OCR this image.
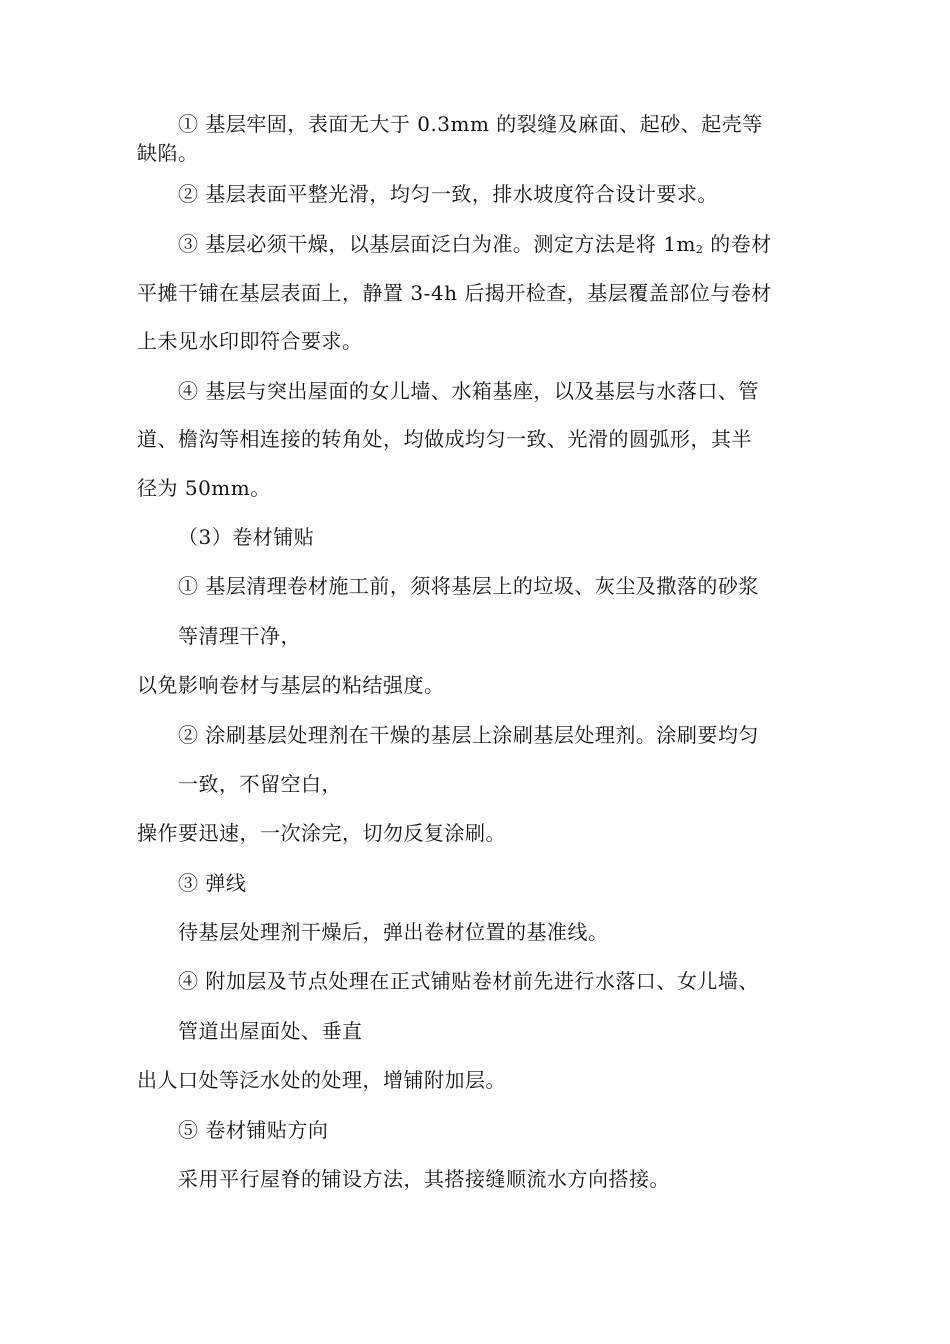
① 基层牢固，表面无大于 0.3mm 的裂缝及麻面、起砂、起壳等
缺陷。
② 基层表面平整光滑，均匀一致，排水坡度符合设计要求。
③ 基层必须干燥，以基层面泛白为准。测定方法是将 1m2 的卷材
平摊干铺在基层表面上，静置 3-4h 后揭开检查，基层覆盖部位与卷材
上未见水印即符合要求。
④ 基层与突出屋面的女儿墙、水箱基座，以及基层与水落口、管
道、檐沟等相连接的转角处，均做成均匀一致、光滑的圆弧形，其半
径为 50mm。
（3）卷材铺贴
① 基层清理卷材施工前，须将基层上的垃圾、灰尘及撒落的砂浆
等清理干净，
以免影响卷材与基层的粘结强度。
② 涂刷基层处理剂在干燥的基层上涂刷基层处理剂。涂刷要均匀
一致，不留空白，
操作要迅速，一次涂完，切勿反复涂刷。
③ 弹线
待基层处理剂干燥后，弹出卷材位置的基准线。
④ 附加层及节点处理在正式铺贴卷材前先进行水落口、女儿墙、
管道出屋面处、垂直
出人口处等泛水处的处理，增铺附加层。
⑤ 卷材铺贴方向
采用平行屋脊的铺设方法，其搭接缝顺流水方向搭接。
